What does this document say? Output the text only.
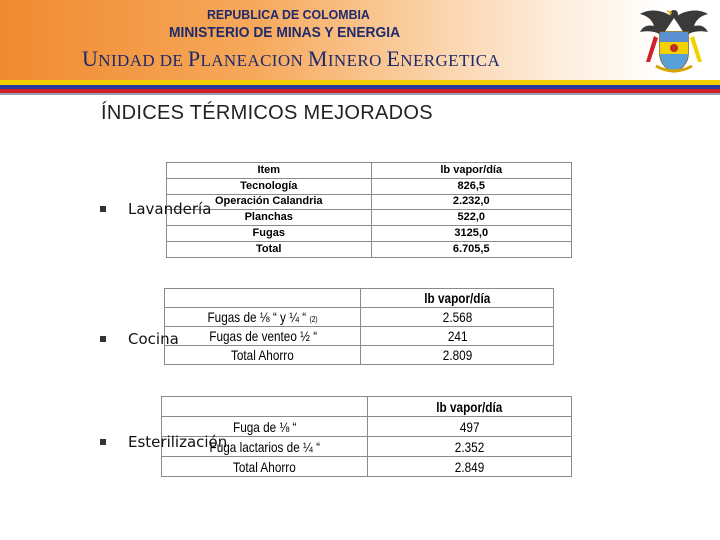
REPUBLICA DE COLOMBIA
MINISTERIO DE MINAS Y ENERGIA
UNIDAD DE PLANEACION MINERO ENERGETICA
ÍNDICES TÉRMICOS MEJORADOS
Item	lb vapor/día
Tecnología	826,5
Operación Calandria	2.232,0
Planchas	522,0
Fugas	3125,0
Total	6.705,5
	lb vapor/día
Fugas de ⅛ “ y ¼ “ (2)	2.568
Fugas de venteo ½ “	241
Total Ahorro	2.809
	lb vapor/día
Fuga de ⅛ “	497
Fuga lactarios de ¼ “	2.352
Total Ahorro	2.849
Lavandería
Cocina
Esterilización
